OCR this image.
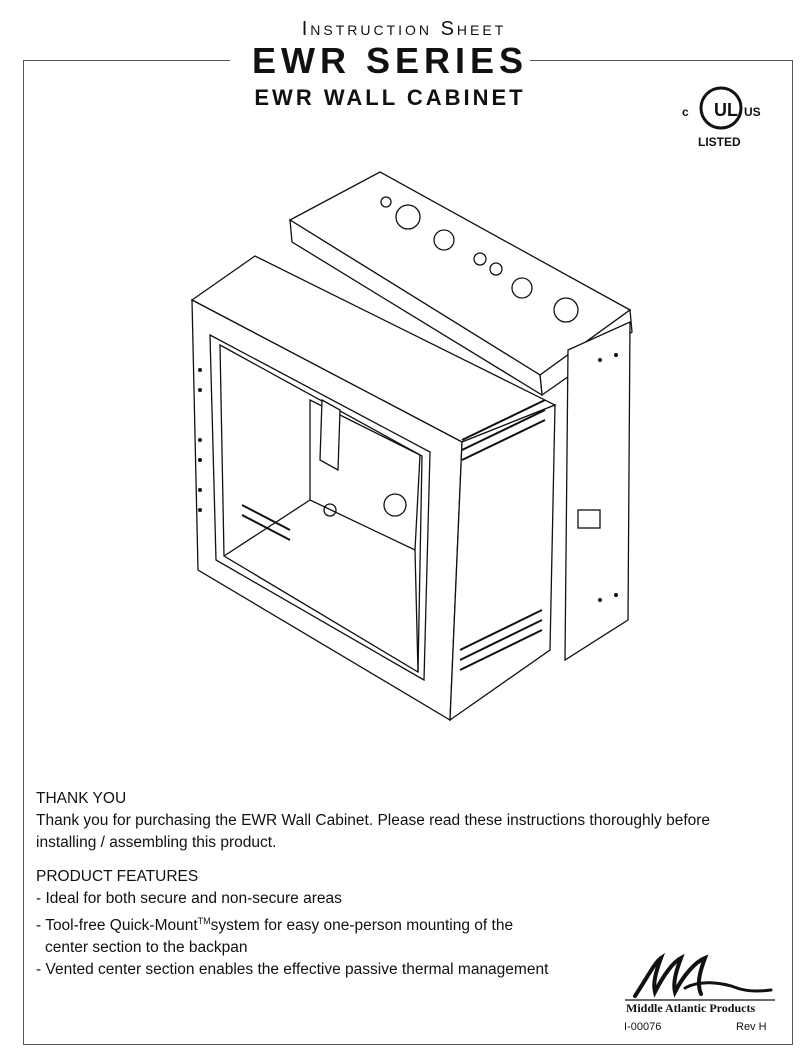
Instruction Sheet
EWR SERIES
EWR WALL CABINET	UL
c	US
LISTED

THANK YOU

Thank you for purchasing the EWR Wall Cabinet. Please read these instructions thoroughly before installing / assembling this product.

PRODUCT FEATURES

- Ideal for both secure and non-secure areas

- Tool-free Quick-Mount™system for easy one-person mounting of the

center section to the backpan

- Vented center section enables the effective passive thermal management

Middle Atlantic Products
I-00076	Rev H
